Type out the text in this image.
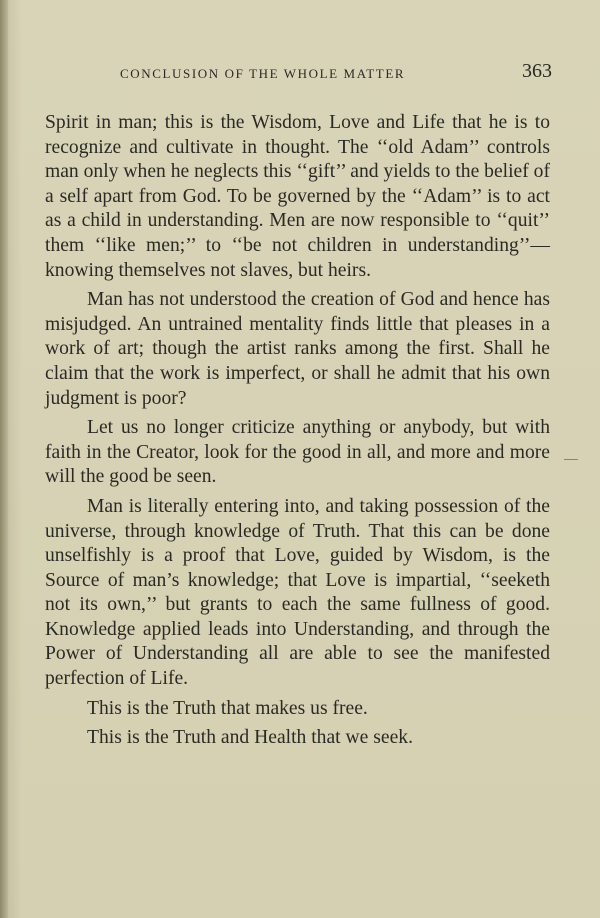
CONCLUSION OF THE WHOLE MATTER	363

Spirit in man; this is the Wisdom, Love and Life that he is to recognize and cultivate in thought. The ‘‘old Adam’’ controls man only when he neglects this ‘‘gift’’ and yields to the belief of a self apart from God. To be governed by the ‘‘Adam’’ is to act as a child in understanding. Men are now responsible to ‘‘quit’’ them ‘‘like men;’’ to ‘‘be not children in understanding’’—knowing themselves not slaves, but heirs.

Man has not understood the creation of God and hence has misjudged. An untrained mentality finds little that pleases in a work of art; though the artist ranks among the first. Shall he claim that the work is imperfect, or shall he admit that his own judgment is poor?

Let us no longer criticize anything or anybody, but with faith in the Creator, look for the good in all, and more and more will the good be seen.

Man is literally entering into, and taking possession of the universe, through knowledge of Truth. That this can be done unselfishly is a proof that Love, guided by Wisdom, is the Source of man’s knowledge; that Love is impartial, ‘‘seeketh not its own,’’ but grants to each the same fullness of good. Knowledge applied leads into Understanding, and through the Power of Understanding all are able to see the manifested perfection of Life.

This is the Truth that makes us free.

This is the Truth and Health that we seek.
